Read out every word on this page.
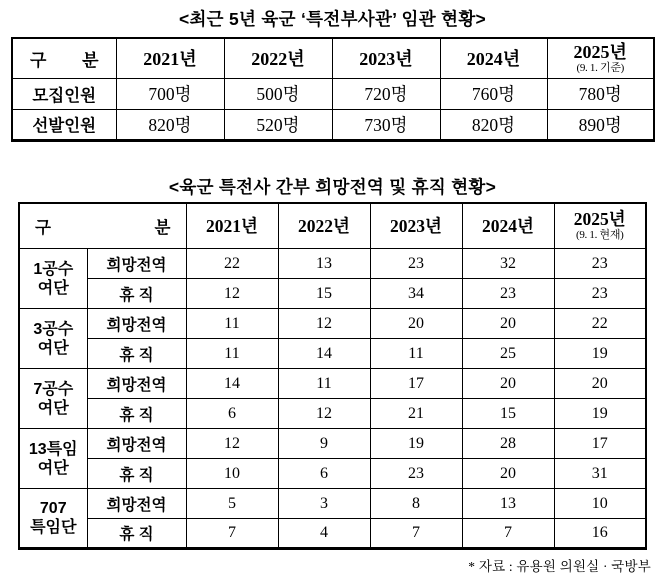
<최근 5년 육군 ‘특전부사관’ 임관 현황>
구 분	2021년	2022년	2023년	2024년	2025년
(9. 1. 기준)

모집인원	700명	500명	720명	760명	780명
선발인원	820명	520명	730명	820명	890명
<육군 특전사 간부 희망전역 및 휴직 현황>
구	분	2021년	2022년	2023년	2024년	2025년
(9. 1. 현재)

1공수
여단	희망전역	22	13	23	32	23
	휴 직	12	15	34	23	23

3공수
여단	희망전역	11	12	20	20	22
	휴 직	11	14	11	25	19

7공수
여단	희망전역	14	11	17	20	20
	휴 직	6	12	21	15	19

13특임
여단	희망전역	12	9	19	28	17
	휴 직	10	6	23	20	31

707
특임단	희망전역	5	3	8	13	10
	휴 직	7	4	7	7	16
* 자료 : 유용원 의원실 · 국방부
